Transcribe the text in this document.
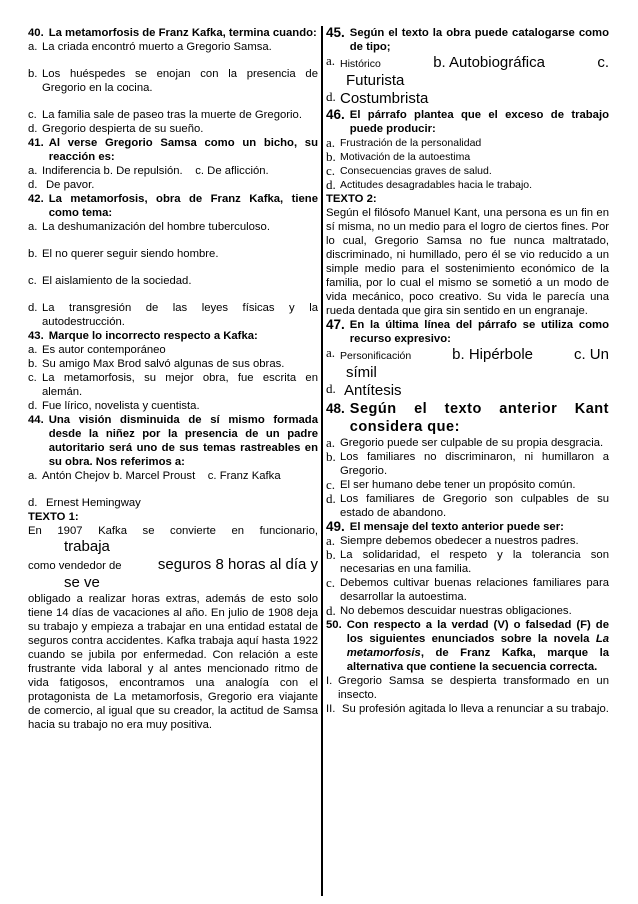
40. La metamorfosis de Franz Kafka, termina cuando:
a. La criada encontró muerto a Gregorio Samsa.
b. Los huéspedes se enojan con la presencia de Gregorio en la cocina.
c. La familia sale de paseo tras la muerte de Gregorio.
d. Gregorio despierta de su sueño.
41. Al verse Gregorio Samsa como un bicho, su reacción es:
a. Indiferencia b. De repulsión. c. De aflicción.
d. De pavor.
42. La metamorfosis, obra de Franz Kafka, tiene como tema:
a. La deshumanización del hombre tuberculoso.
b. El no querer seguir siendo hombre.
c. El aislamiento de la sociedad.
d. La transgresión de las leyes físicas y la autodestrucción.
43. Marque lo incorrecto respecto a Kafka:
a. Es autor contemporáneo
b. Su amigo Max Brod salvó algunas de sus obras.
c. La metamorfosis, su mejor obra, fue escrita en alemán.
d. Fue lírico, novelista y cuentista.
44. Una visión disminuida de sí mismo formada desde la niñez por la presencia de un padre autoritario será uno de sus temas rastreables en su obra. Nos referimos a:
a. Antón Chejov b. Marcel Proust c. Franz Kafka
d. Ernest Hemingway
TEXTO 1:
En 1907 Kafka se convierte en funcionario,
trabaja
como vendedor de seguros 8 horas al día y
se ve
obligado a realizar horas extras, además de esto solo tiene 14 días de vacaciones al año. En julio de 1908 deja su trabajo y empieza a trabajar en una entidad estatal de seguros contra accidentes. Kafka trabaja aquí hasta 1922 cuando se jubila por enfermedad. Con relación a este frustrante vida laboral y al antes mencionado ritmo de vida fatigosos, encontramos una analogía con el protagonista de La metamorfosis, Gregorio era viajante de comercio, al igual que su creador, la actitud de Samsa hacia su trabajo no era muy positiva.
45. Según el texto la obra puede catalogarse como de tipo;
a. Histórico	b. Autobiográfica	c.
Futurista
d. Costumbrista
46. El párrafo plantea que el exceso de trabajo puede producir:
a. Frustración de la personalidad
b. Motivación de la autoestima
c. Consecuencias graves de salud.
d. Actitudes desagradables hacia le trabajo.
TEXTO 2:
Según el filósofo Manuel Kant, una persona es un fin en sí misma, no un medio para el logro de ciertos fines. Por lo cual, Gregorio Samsa no fue nunca maltratado, discriminado, ni humillado, pero él se vio reducido a un simple medio para el sostenimiento económico de la familia, por lo cual el mismo se sometió a un modo de vida mecánico, poco creativo. Su vida le parecía una rueda dentada que gira sin sentido en un engranaje.
47. En la última línea del párrafo se utiliza como recurso expresivo:
a. Personificación	b. Hipérbole	c. Un
símil
d. Antítesis
48. Según el texto anterior Kant considera que:
a. Gregorio puede ser culpable de su propia desgracia.
b. Los familiares no discriminaron, ni humillaron a Gregorio.
c. El ser humano debe tener un propósito común.
d. Los familiares de Gregorio son culpables de su estado de abandono.
49. El mensaje del texto anterior puede ser:
a. Siempre debemos obedecer a nuestros padres.
b. La solidaridad, el respeto y la tolerancia son necesarias en una familia.
c. Debemos cultivar buenas relaciones familiares para desarrollar la autoestima.
d. No debemos descuidar nuestras obligaciones.
50. Con respecto a la verdad (V) o falsedad (F) de los siguientes enunciados sobre la novela La metamorfosis, de Franz Kafka, marque la alternativa que contiene la secuencia correcta.
I. Gregorio Samsa se despierta transformado en un insecto.
II. Su profesión agitada lo lleva a renunciar a su trabajo.
